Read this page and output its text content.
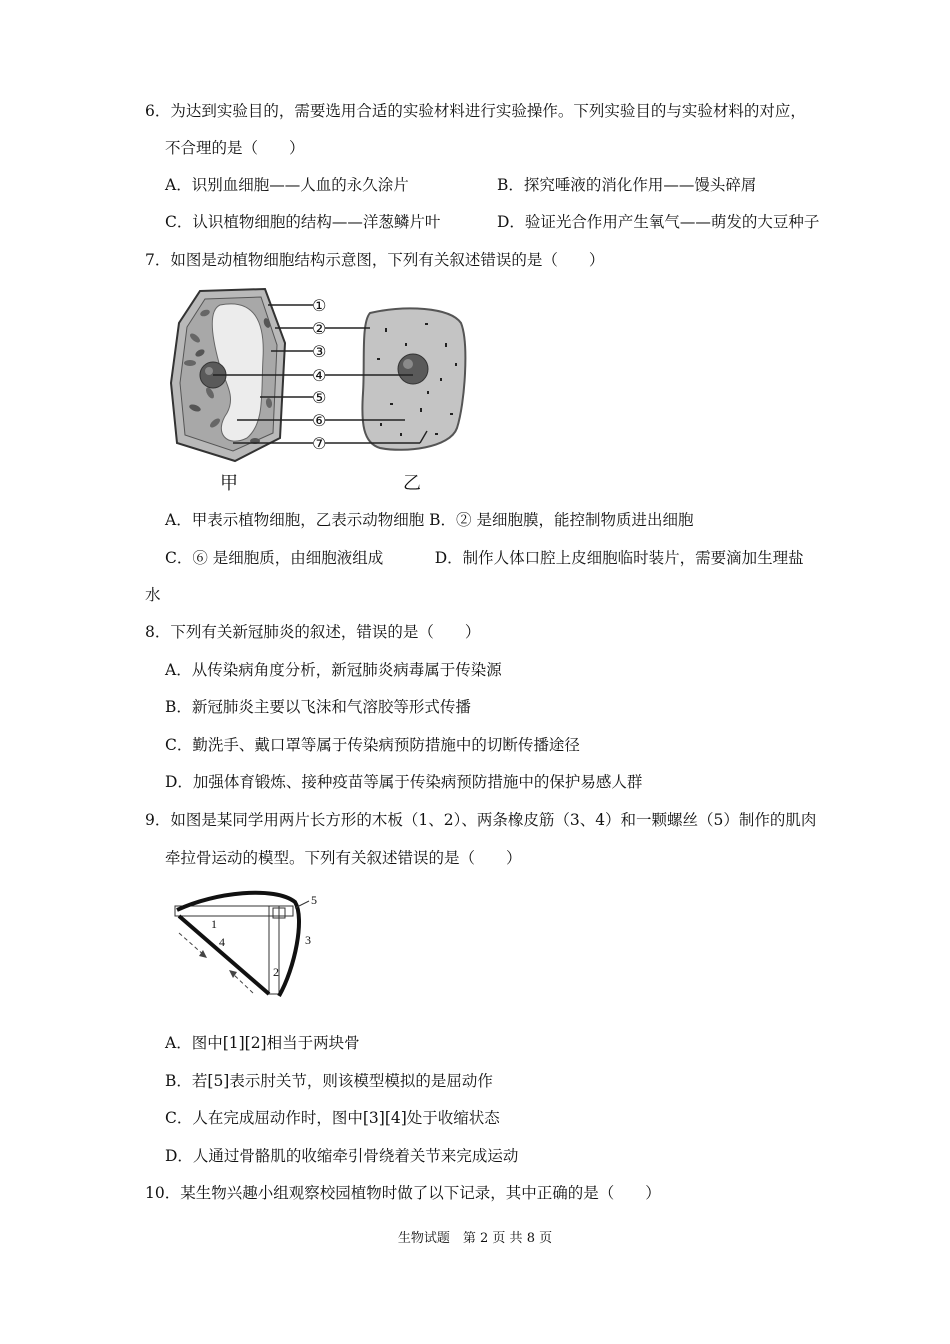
6．为达到实验目的，需要选用合适的实验材料进行实验操作。下列实验目的与实验材料的对应，
不合理的是（　　）
A．识别血细胞——人血的永久涂片	B．探究唾液的消化作用——馒头碎屑
C．认识植物细胞的结构——洋葱鳞片叶	D．验证光合作用产生氧气——萌发的大豆种子
7．如图是动植物细胞结构示意图，下列有关叙述错误的是（　　）
①
②
③
④
⑤
⑥
⑦
甲	乙
A．甲表示植物细胞，乙表示动物细胞 B．② 是细胞膜，能控制物质进出细胞
C．⑥ 是细胞质，由细胞液组成　　　 D．制作人体口腔上皮细胞临时装片，需要滴加生理盐
水
8．下列有关新冠肺炎的叙述，错误的是（　　）
A．从传染病角度分析，新冠肺炎病毒属于传染源
B．新冠肺炎主要以飞沫和气溶胶等形式传播
C．勤洗手、戴口罩等属于传染病预防措施中的切断传播途径
D．加强体育锻炼、接种疫苗等属于传染病预防措施中的保护易感人群
9．如图是某同学用两片长方形的木板（1、2）、两条橡皮筋（3、4）和一颗螺丝（5）制作的肌肉
牵拉骨运动的模型。下列有关叙述错误的是（　　）
1
2
3
4
5
A．图中[1][2]相当于两块骨
B．若[5]表示肘关节，则该模型模拟的是屈动作
C．人在完成屈动作时，图中[3][4]处于收缩状态
D．人通过骨骼肌的收缩牵引骨绕着关节来完成运动
10．某生物兴趣小组观察校园植物时做了以下记录，其中正确的是（　　）
生物试题　第 2 页 共 8 页
